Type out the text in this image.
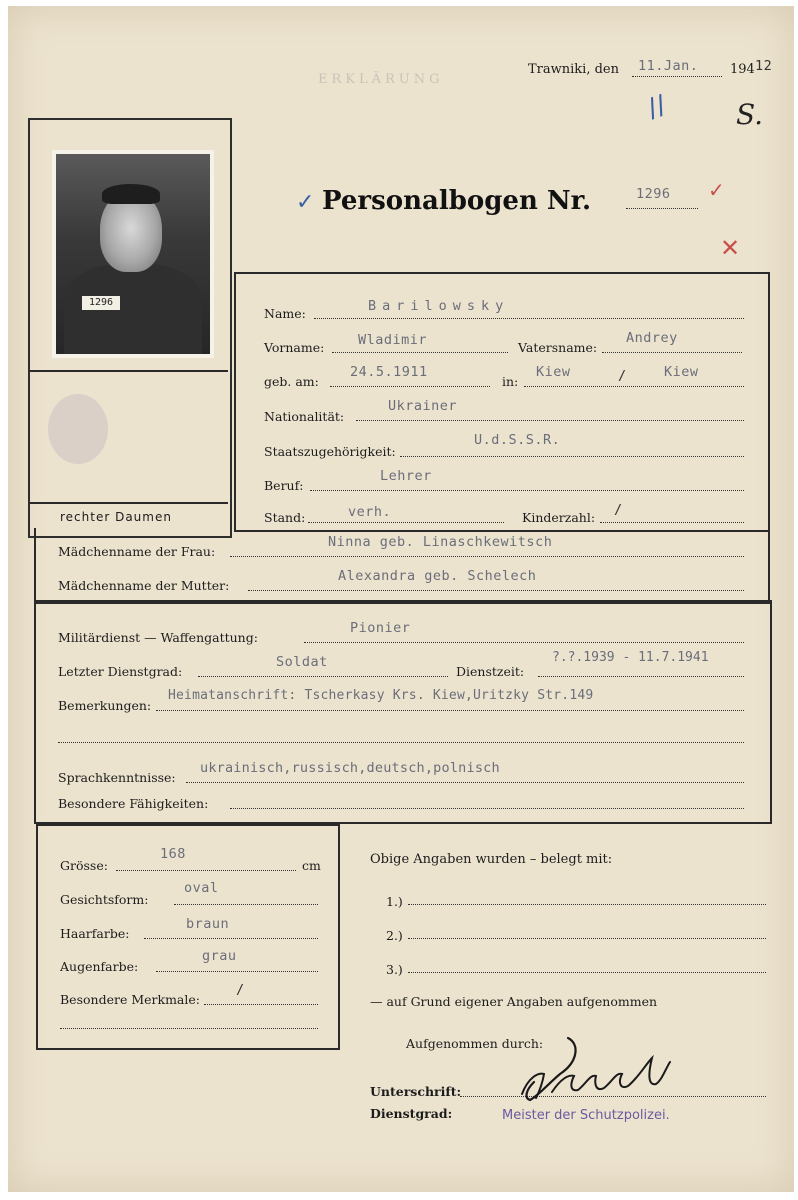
ERKLÄRUNG
Trawniki, den 11.Jan. 194 12
// S.
✓
✕
✓ Personalbogen Nr.	1296
1296
rechter Daumen
Name:	Barilowsky
Vorname: Wladimir	Vatersname:
Andrey
geb. am:
24.5.1911
in:
Kiew	/	Kiew
Nationalität:
Ukrainer
Staatszugehörigkeit:
U.d.S.S.R.
Beruf:
Lehrer
Stand:	verh.	Kinderzahl: /
Mädchenname der Frau:
Ninna geb. Linaschkewitsch
Mädchenname der Mutter:
Alexandra geb. Schelech
Militärdienst — Waffengattung:
Pionier
Letzter Dienstgrad:
Soldat
Dienstzeit:
?.?.1939 - 11.7.1941
Bemerkungen:
Heimatanschrift: Tscherkasy Krs. Kiew,Uritzky Str.149
Sprachkenntnisse:
ukrainisch,russisch,deutsch,polnisch
Besondere Fähigkeiten:
Grösse:
168
cm
Gesichtsform:
oval
Haarfarbe:
braun
Augenfarbe:
grau
Besondere Merkmale:
/
Obige Angaben wurden – belegt mit:
1.)
2.)
3.)
— auf Grund eigener Angaben aufgenommen
Aufgenommen durch:
Unterschrift:
Dienstgrad:	Meister der Schutzpolizei.
